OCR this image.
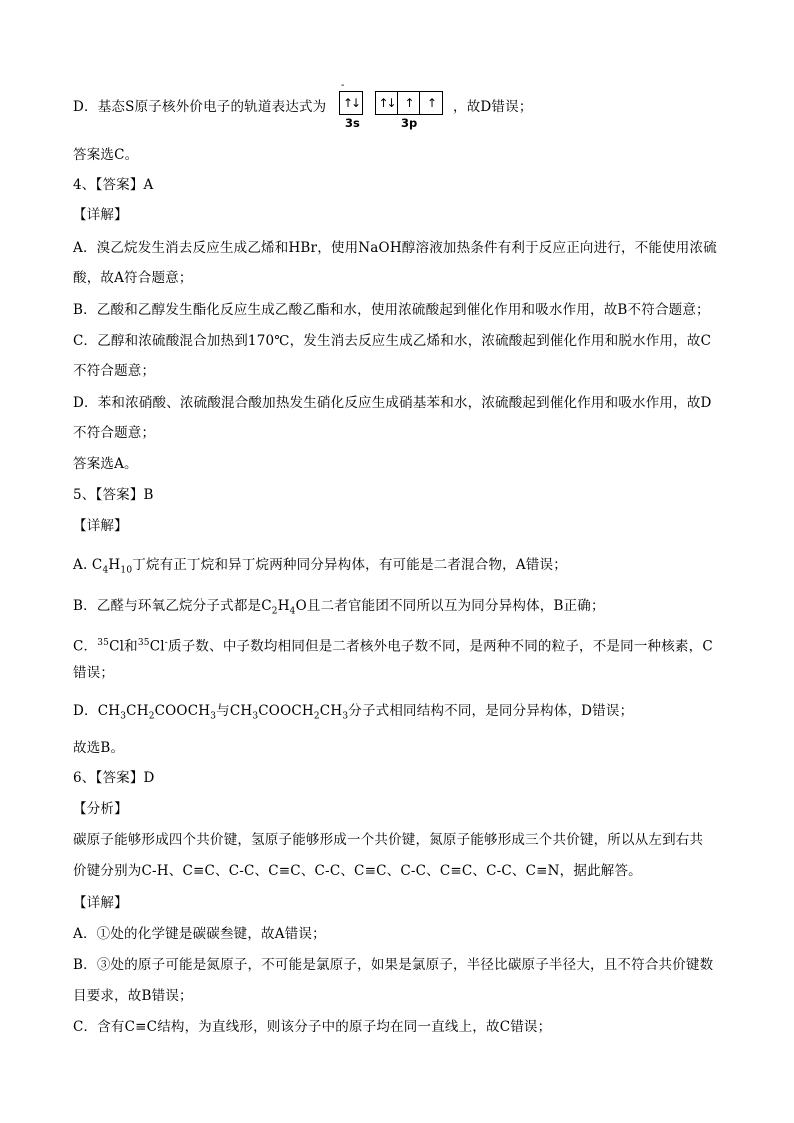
D．基态S原子核外价电子的轨道表达式为
-
↑↓ ↑↓ ↑	↑
3s	3p
，故D错误；
答案选C。
4、【答案】A
【详解】
A．溴乙烷发生消去反应生成乙烯和HBr，使用NaOH醇溶液加热条件有利于反应正向进行，不能使用浓硫
酸，故A符合题意；
B．乙酸和乙醇发生酯化反应生成乙酸乙酯和水，使用浓硫酸起到催化作用和吸水作用，故B不符合题意；
C．乙醇和浓硫酸混合加热到170℃，发生消去反应生成乙烯和水，浓硫酸起到催化作用和脱水作用，故C
不符合题意；
D．苯和浓硝酸、浓硫酸混合酸加热发生硝化反应生成硝基苯和水，浓硫酸起到催化作用和吸水作用，故D
不符合题意；
答案选A。
5、【答案】B
【详解】
A. $C_4H_{10}$丁烷有正丁烷和异丁烷两种同分异构体，有可能是二者混合物，A错误；
B．乙醛与环氧乙烷分子式都是$C_2H_4O$且二者官能团不同所以互为同分异构体，B正确；
C．$^{35}$Cl和$^{35}$Cl-质子数、中子数均相同但是二者核外电子数不同，是两种不同的粒子，不是同一种核素，C
错误；
D．$CH_3CH_2COOCH_3$与$CH_3COOCH_2CH_3$分子式相同结构不同，是同分异构体，D错误；
故选B。
6、【答案】D
【分析】
碳原子能够形成四个共价键，氢原子能够形成一个共价键，氮原子能够形成三个共价键，所以从左到右共
价键分别为C-H、C≡C、C-C、C≡C、C-C、C≡C、C-C、C≡C、C-C、C≡N，据此解答。
【详解】
A．①处的化学键是碳碳叁键，故A错误；
B．③处的原子可能是氮原子，不可能是氯原子，如果是氯原子，半径比碳原子半径大，且不符合共价键数
目要求，故B错误；
C．含有C≡C结构，为直线形，则该分子中的原子均在同一直线上，故C错误；
